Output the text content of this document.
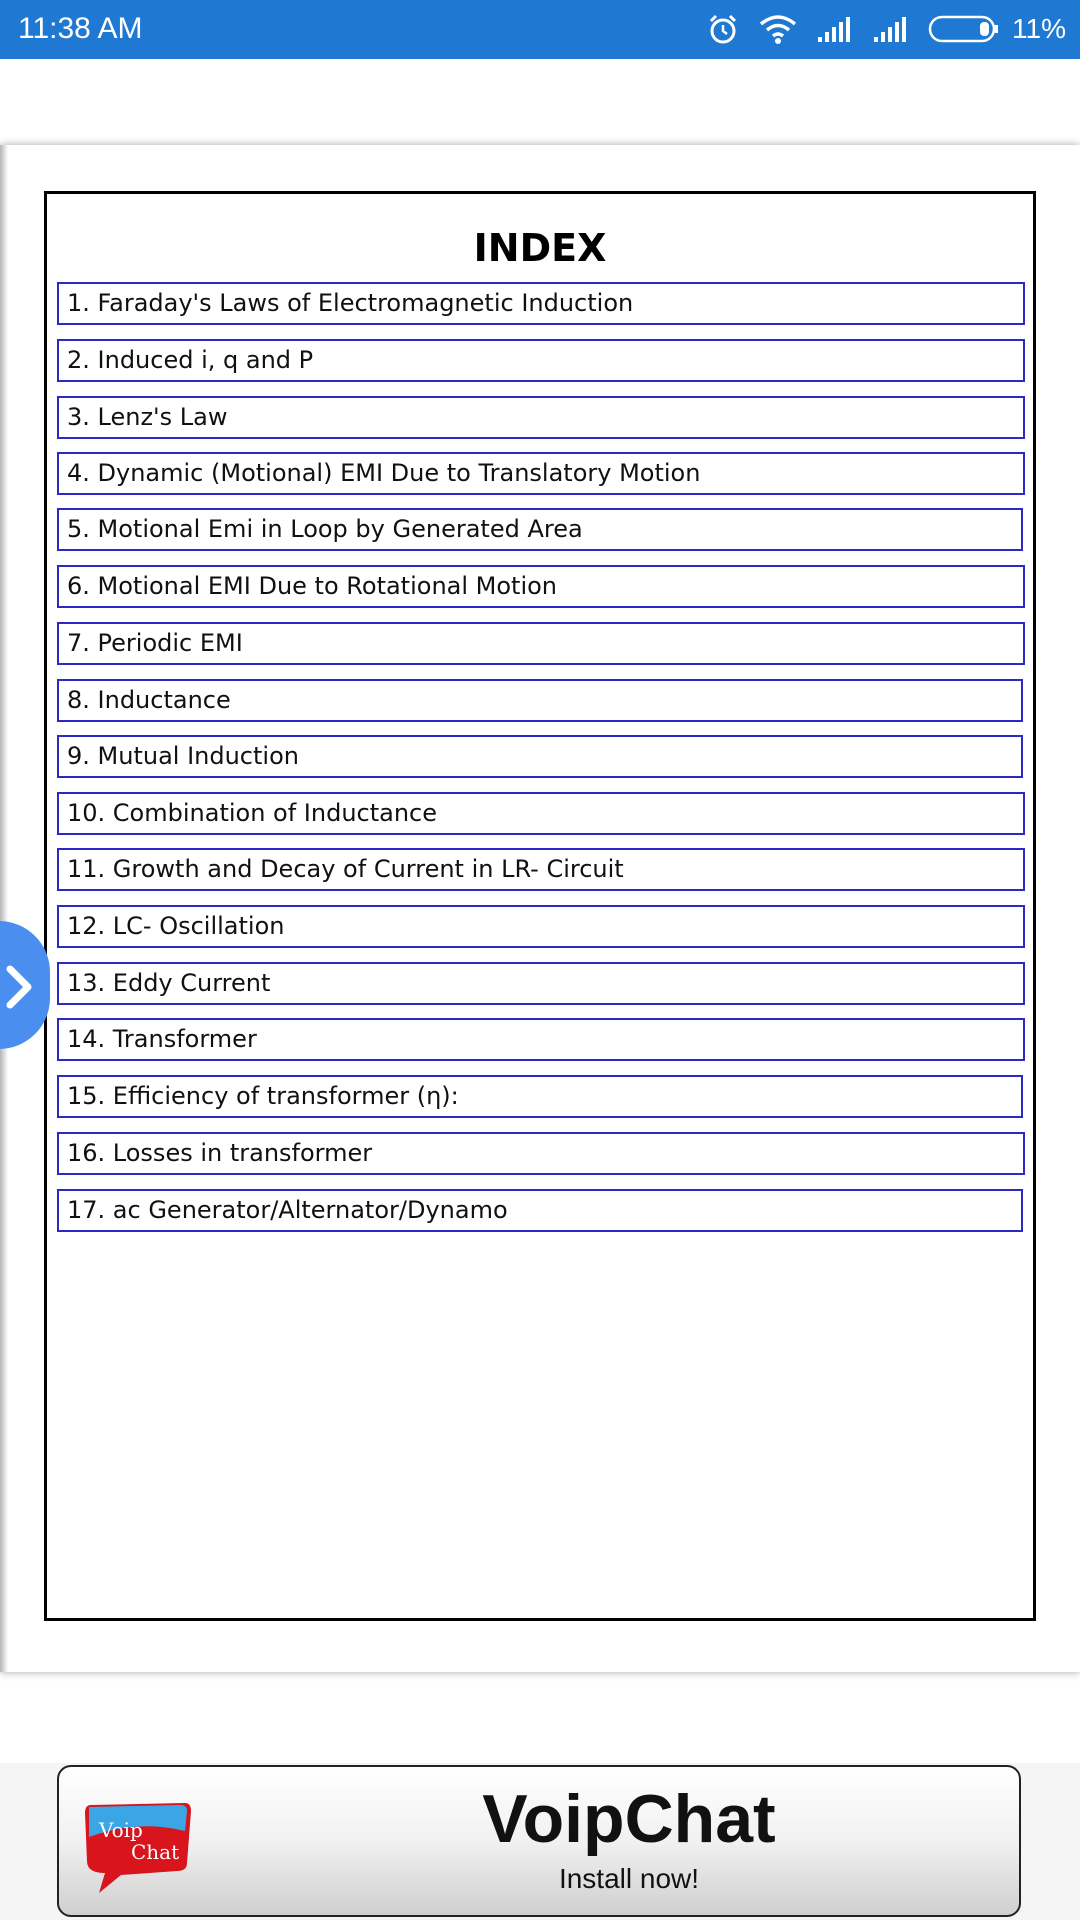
11:38 AM	11%
INDEX
1. Faraday's Laws of Electromagnetic Induction
2. Induced i, q and P
3. Lenz's Law
4. Dynamic (Motional) EMI Due to Translatory Motion
5. Motional Emi in Loop by Generated Area
6. Motional EMI Due to Rotational Motion
7. Periodic EMI
8. Inductance
9. Mutual Induction
10. Combination of Inductance
11. Growth and Decay of Current in LR- Circuit
12. LC- Oscillation
13. Eddy Current
14. Transformer
15. Efficiency of transformer (η):
16. Losses in transformer
17. ac Generator/Alternator/Dynamo
Voip
Chat	VoipChat
Install now!
